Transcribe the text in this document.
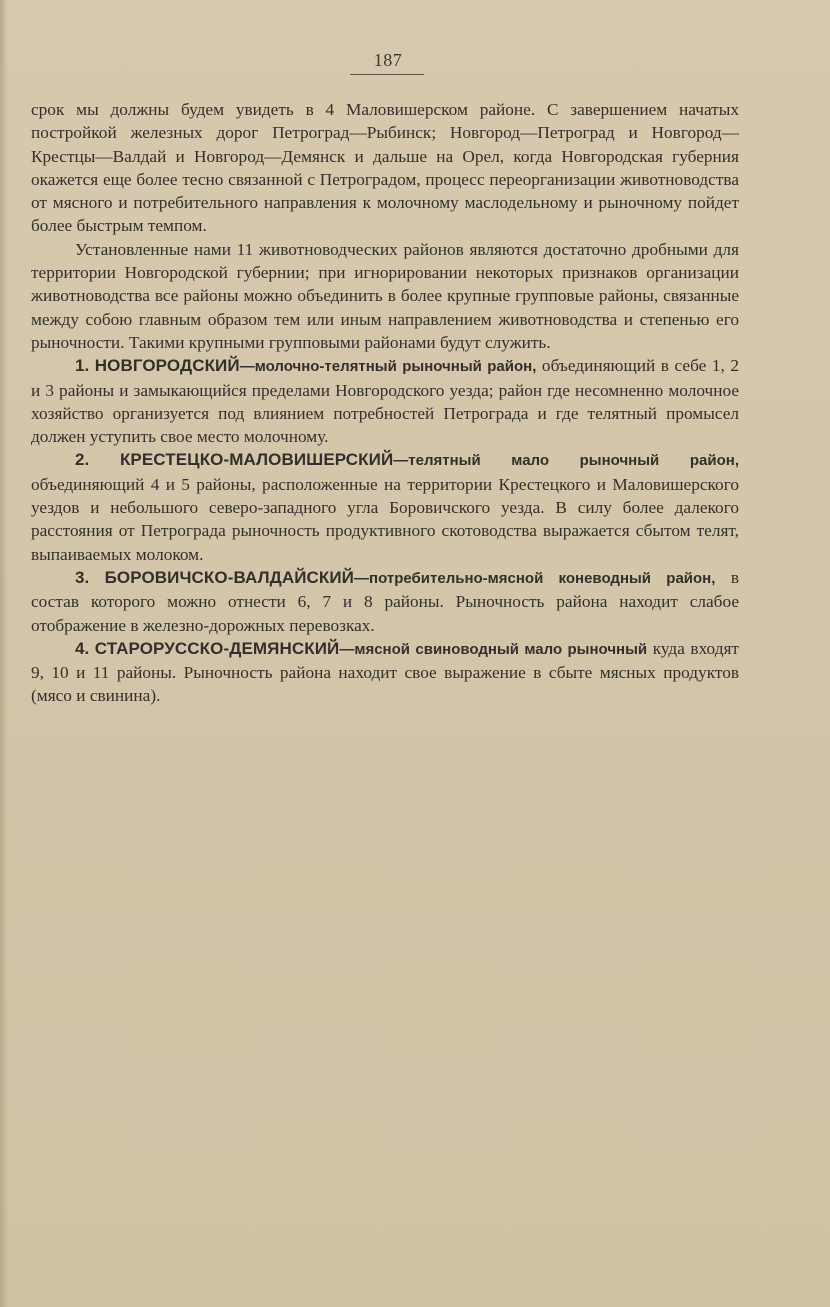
187

срок мы должны будем увидеть в 4 Маловишерском районе. С завершением начатых постройкой железных дорог Петроград—Рыбинск; Новгород—Петроград и Новгород—Крестцы—Валдай и Новгород—Демянск и дальше на Орел, когда Новгородская губерния окажется еще более тесно связанной с Петроградом, процесс переорганизации животноводства от мясного и потребительного направления к молочному маслодельному и рыночному пойдет более быстрым темпом.

Установленные нами 11 животноводческих районов являются достаточно дробными для территории Новгородской губернии; при игнорировании некоторых признаков организации животноводства все районы можно объединить в более крупные групповые районы, связанные между собою главным образом тем или иным направлением животноводства и степенью его рыночности. Такими крупными групповыми районами будут служить.

1. НОВГОРОДСКИЙ—молочно-телятный рыночный район, объединяющий в себе 1, 2 и 3 районы и замыкающийся пределами Новгородского уезда; район где несомненно молочное хозяйство организуется под влиянием потребностей Петрограда и где телятный промысел должен уступить свое место молочному.

2. КРЕСТЕЦКО-МАЛОВИШЕРСКИЙ—телятный мало рыночный район, объединяющий 4 и 5 районы, расположенные на территории Крестецкого и Маловишерского уездов и небольшого северо-западного угла Боровичского уезда. В силу более далекого расстояния от Петрограда рыночность продуктивного скотоводства выражается сбытом телят, выпаиваемых молоком.

3. БОРОВИЧСКО-ВАЛДАЙСКИЙ—потребительно-мясной коневодный район, в состав которого можно отнести 6, 7 и 8 районы. Рыночность района находит слабое отображение в железно-дорожных перевозках.

4. СТАРОРУССКО-ДЕМЯНСКИЙ—мясной свиноводный мало рыночный куда входят 9, 10 и 11 районы. Рыночность района находит свое выражение в сбыте мясных продуктов (мясо и свинина).
